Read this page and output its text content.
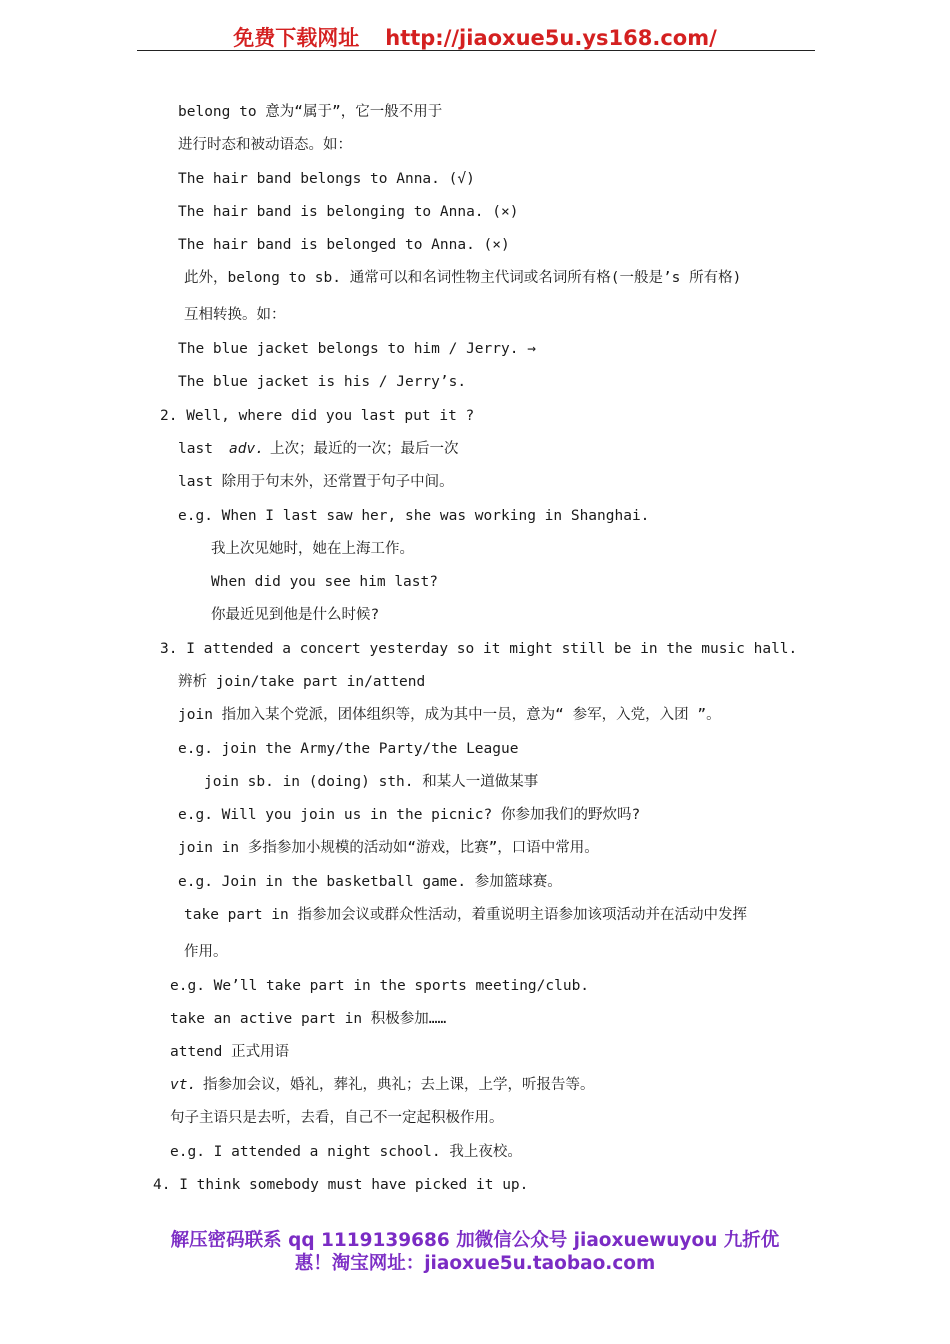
免费下载网址 http://jiaoxue5u.ys168.com/
belong to 意为“属于”，它一般不用于
进行时态和被动语态。如：
The hair band belongs to Anna. (√)
The hair band is belonging to Anna. (×)
The hair band is belonged to Anna. (×)
此外，belong to sb. 通常可以和名词性物主代词或名词所有格(一般是’s 所有格)
互相转换。如：
The blue jacket belongs to him / Jerry. →
The blue jacket is his / Jerry’s.
2. Well, where did you last put it ?
last adv. 上次；最近的一次；最后一次
last 除用于句末外，还常置于句子中间。
e.g. When I last saw her, she was working in Shanghai.
我上次见她时，她在上海工作。
When did you see him last?
你最近见到他是什么时候?
3. I attended a concert yesterday so it might still be in the music hall.
辨析 join/take part in/attend
join 指加入某个党派，团体组织等，成为其中一员，意为“ 参军，入党，入团 ”。
e.g. join the Army/the Party/the League
join sb. in (doing) sth. 和某人一道做某事
e.g. Will you join us in the picnic? 你参加我们的野炊吗?
join in 多指参加小规模的活动如“游戏，比赛”，口语中常用。
e.g. Join in the basketball game. 参加篮球赛。
take part in 指参加会议或群众性活动，着重说明主语参加该项活动并在活动中发挥
作用。
e.g. We’ll take part in the sports meeting/club.
take an active part in 积极参加……
attend 正式用语
vt. 指参加会议，婚礼，葬礼，典礼；去上课，上学，听报告等。
句子主语只是去听，去看，自己不一定起积极作用。
e.g. I attended a night school. 我上夜校。
4. I think somebody must have picked it up.
解压密码联系 qq 1119139686 加微信公众号 jiaoxuewuyou 九折优
惠！淘宝网址：jiaoxue5u.taobao.com
